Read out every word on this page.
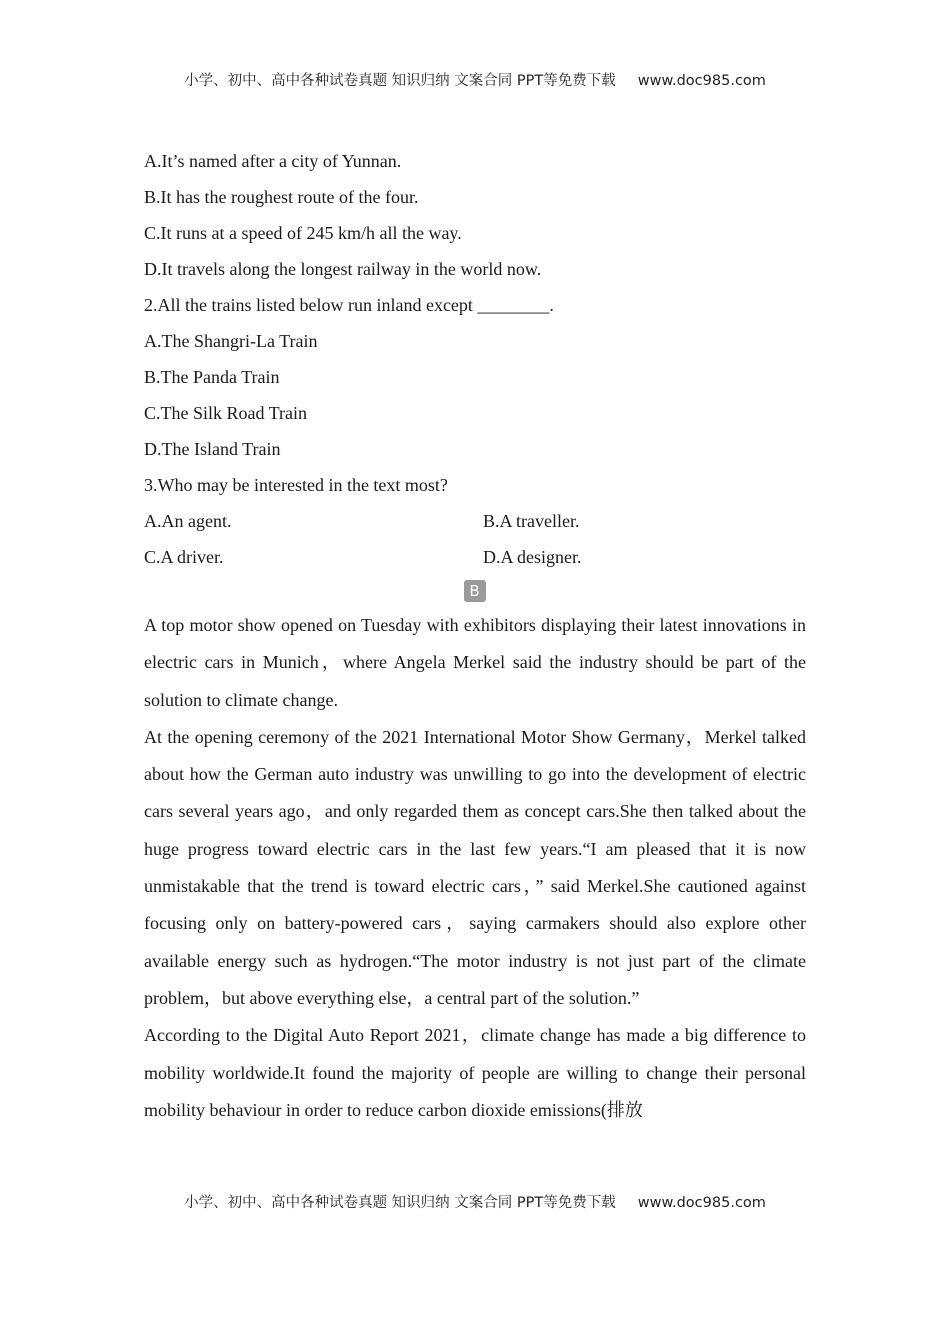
小学、初中、高中各种试卷真题 知识归纳 文案合同 PPT等免费下载 www.doc985.com
A.It’s named after a city of Yunnan.
B.It has the roughest route of the four.
C.It runs at a speed of 245 km/h all the way.
D.It travels along the longest railway in the world now.
2.All the trains listed below run inland except ________.
A.The Shangri-La Train
B.The Panda Train
C.The Silk Road Train
D.The Island Train
3.Who may be interested in the text most?
A.An agent.	B.A traveller.
C.A driver.	D.A designer.
B

A top motor show opened on Tuesday with exhibitors displaying their latest innovations in electric cars in Munich，where Angela Merkel said the industry should be part of the solution to climate change.

At the opening ceremony of the 2021 International Motor Show Germany，Merkel talked about how the German auto industry was unwilling to go into the development of electric cars several years ago，and only regarded them as concept cars.She then talked about the huge progress toward electric cars in the last few years.“I am pleased that it is now unmistakable that the trend is toward electric cars，” said Merkel.She cautioned against focusing only on battery-powered cars，saying carmakers should also explore other available energy such as hydrogen.“The motor industry is not just part of the climate problem，but above everything else，a central part of the solution.”

According to the Digital Auto Report 2021，climate change has made a big difference to mobility worldwide.It found the majority of people are willing to change their personal mobility behaviour in order to reduce carbon dioxide emissions(排放

小学、初中、高中各种试卷真题 知识归纳 文案合同 PPT等免费下载 www.doc985.com
